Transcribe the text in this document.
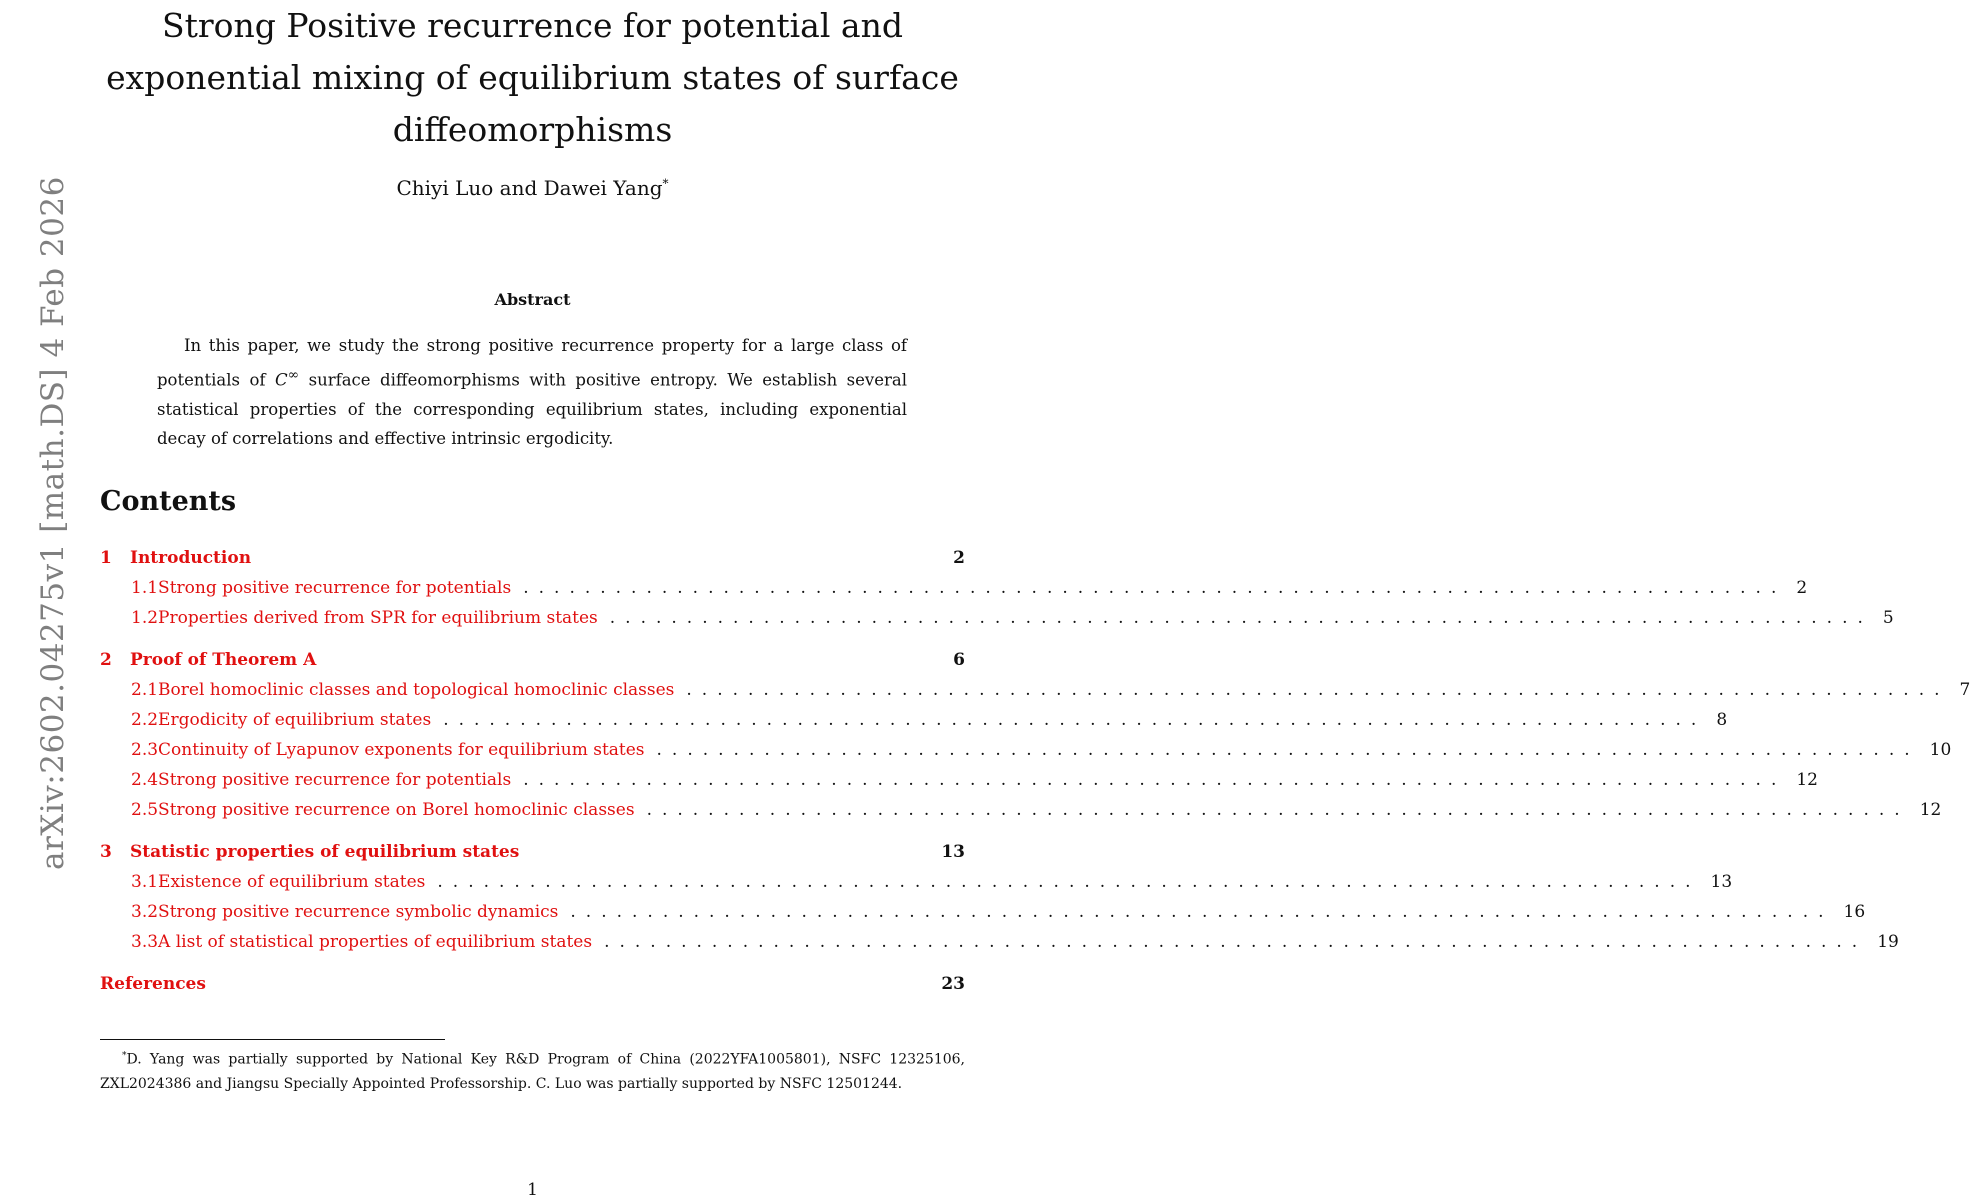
arXiv:2602.04275v1 [math.DS] 4 Feb 2026
Strong Positive recurrence for potential and
exponential mixing of equilibrium states of surface
diffeomorphisms
Chiyi Luo and Dawei Yang*
Abstract

In this paper, we study the strong positive recurrence property for a large class of potentials of C∞ surface diffeomorphisms with positive entropy. We establish several statistical properties of the corresponding equilibrium states, including exponential decay of correlations and effective intrinsic ergodicity.

Contents
1	Introduction	2
1.1 Strong positive recurrence for potentials .................................................................................. 2
1.2 Properties derived from SPR for equilibrium states .................................................................................. 5
2	Proof of Theorem A	6
2.1 Borel homoclinic classes and topological homoclinic classes .................................................................................. 7
2.2 Ergodicity of equilibrium states .................................................................................. 8
2.3 Continuity of Lyapunov exponents for equilibrium states .................................................................................. 10
2.4 Strong positive recurrence for potentials .................................................................................. 12
2.5 Strong positive recurrence on Borel homoclinic classes .................................................................................. 12
3	Statistic properties of equilibrium states	13
3.1 Existence of equilibrium states .................................................................................. 13
3.2 Strong positive recurrence symbolic dynamics .................................................................................. 16
3.3 A list of statistical properties of equilibrium states .................................................................................. 19
References	23

*D. Yang was partially supported by National Key R&D Program of China (2022YFA1005801), NSFC 12325106, ZXL2024386 and Jiangsu Specially Appointed Professorship. C. Luo was partially supported by NSFC 12501244.

1
